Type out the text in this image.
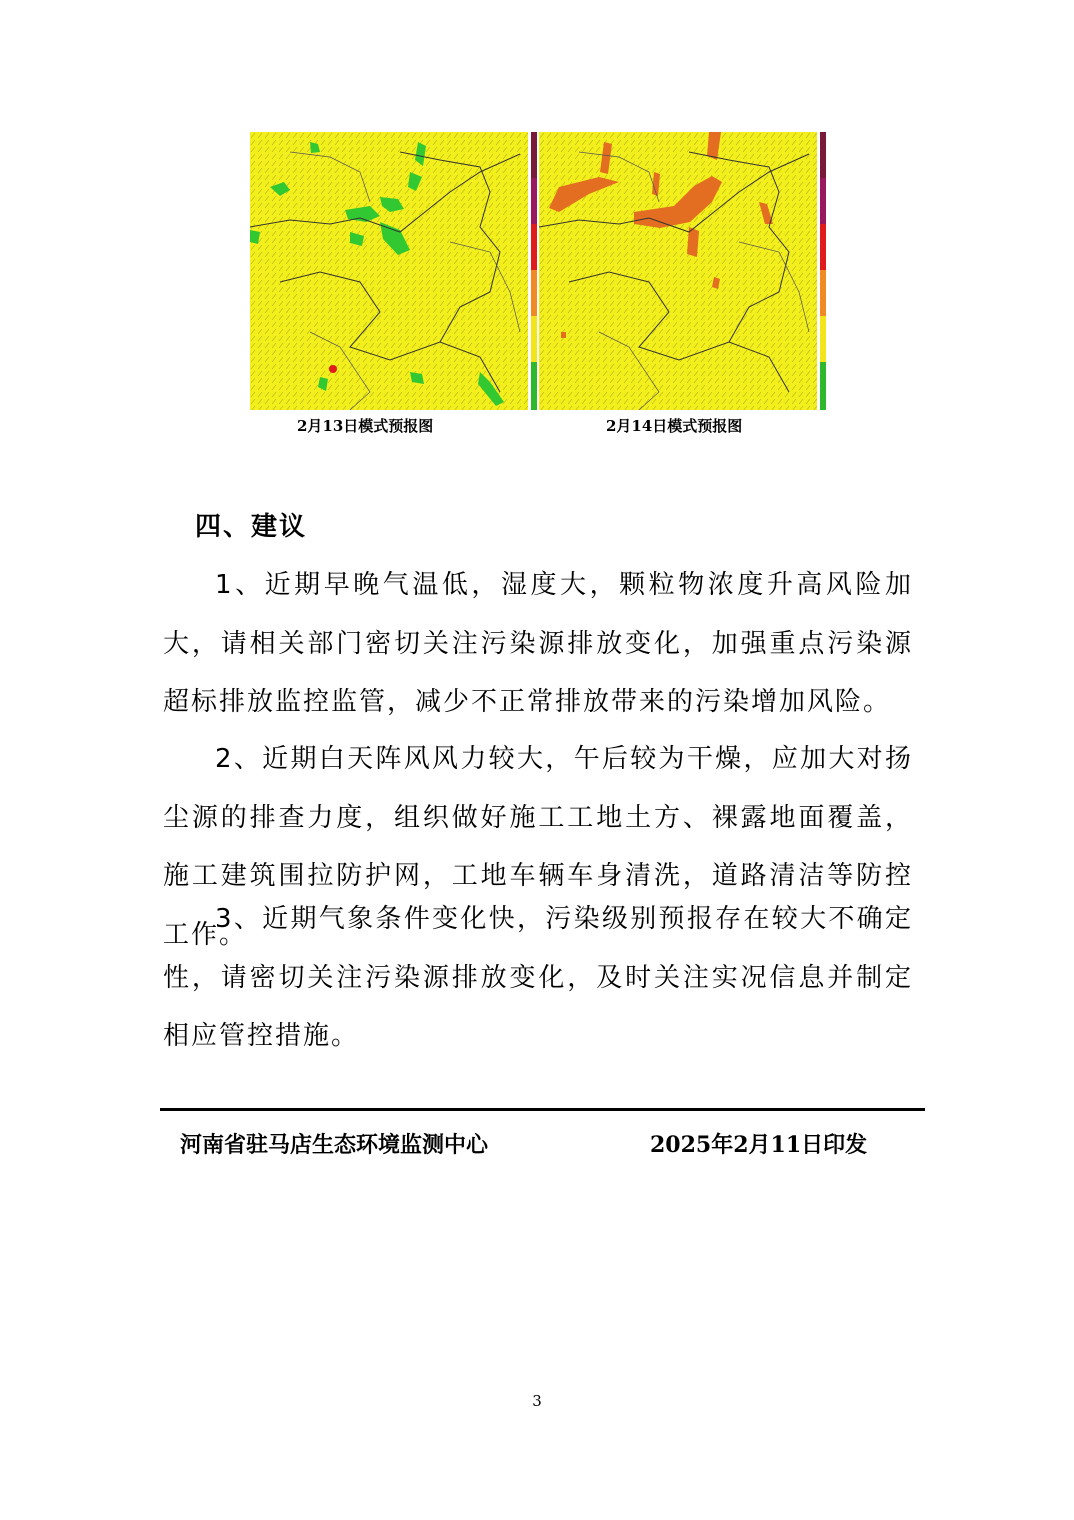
2月13日模式预报图	2月14日模式预报图
四、建议

1、近期早晚气温低，湿度大，颗粒物浓度升高风险加大，请相关部门密切关注污染源排放变化，加强重点污染源超标排放监控监管，减少不正常排放带来的污染增加风险。

2、近期白天阵风风力较大，午后较为干燥，应加大对扬尘源的排查力度，组织做好施工工地土方、裸露地面覆盖，施工建筑围拉防护网，工地车辆车身清洗，道路清洁等防控工作。

3、近期气象条件变化快，污染级别预报存在较大不确定性，请密切关注污染源排放变化，及时关注实况信息并制定相应管控措施。

河南省驻马店生态环境监测中心	2025年2月11日印发
3
